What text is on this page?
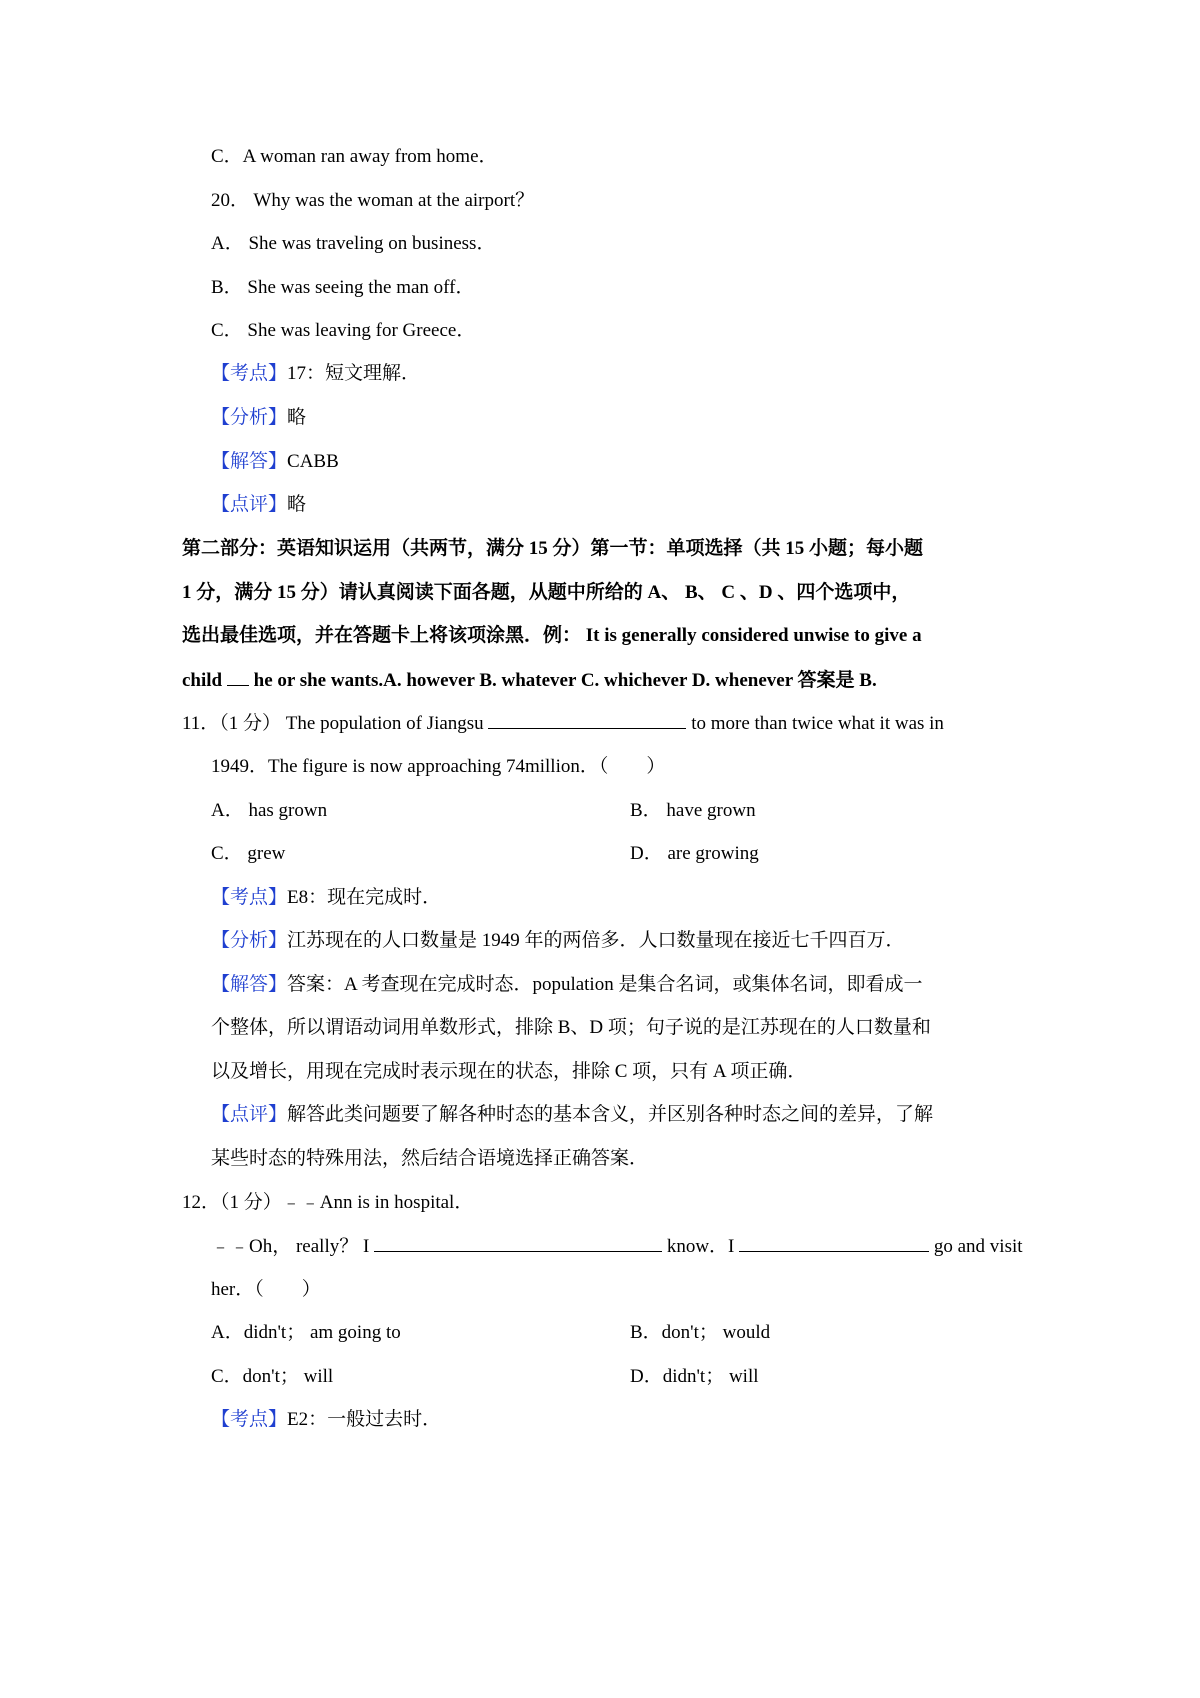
C．A woman ran away from home．
20． Why was the woman at the airport？
A． She was traveling on business．
B． She was seeing the man off．
C． She was leaving for Greece．
【考点】17：短文理解．
【分析】略
【解答】CABB
【点评】略
第二部分：英语知识运用（共两节，满分 15 分）第一节：单项选择（共 15 小题；每小题
1 分，满分 15 分）请认真阅读下面各题，从题中所给的 A、 B、 C 、D 、四个选项中，
选出最佳选项，并在答题卡上将该项涂黑．例： It is generally considered unwise to give a
child  he or she wants.A. however B. whatever C. whichever D. whenever 答案是 B.
11．（1 分） The population of Jiangsu	to more than twice what it was in
1949．The figure is now approaching 74million．（　　）
A． has grown	B． have grown
C． grew	D． are growing
【考点】E8：现在完成时．
【分析】江苏现在的人口数量是 1949 年的两倍多．人口数量现在接近七千四百万．
【解答】答案：A 考查现在完成时态．population 是集合名词，或集体名词，即看成一
个整体，所以谓语动词用单数形式，排除 B、D 项；句子说的是江苏现在的人口数量和
以及增长，用现在完成时表示现在的状态，排除 C 项，只有 A 项正确．
【点评】解答此类问题要了解各种时态的基本含义，并区别各种时态之间的差异，了解
某些时态的特殊用法，然后结合语境选择正确答案．
12．（1 分）﹣﹣Ann is in hospital．
﹣﹣Oh， really？ I	know．I	go and visit
her．（　　）
A．didn't； am going to	B．don't； would
C．don't； will	D．didn't； will
【考点】E2：一般过去时．
